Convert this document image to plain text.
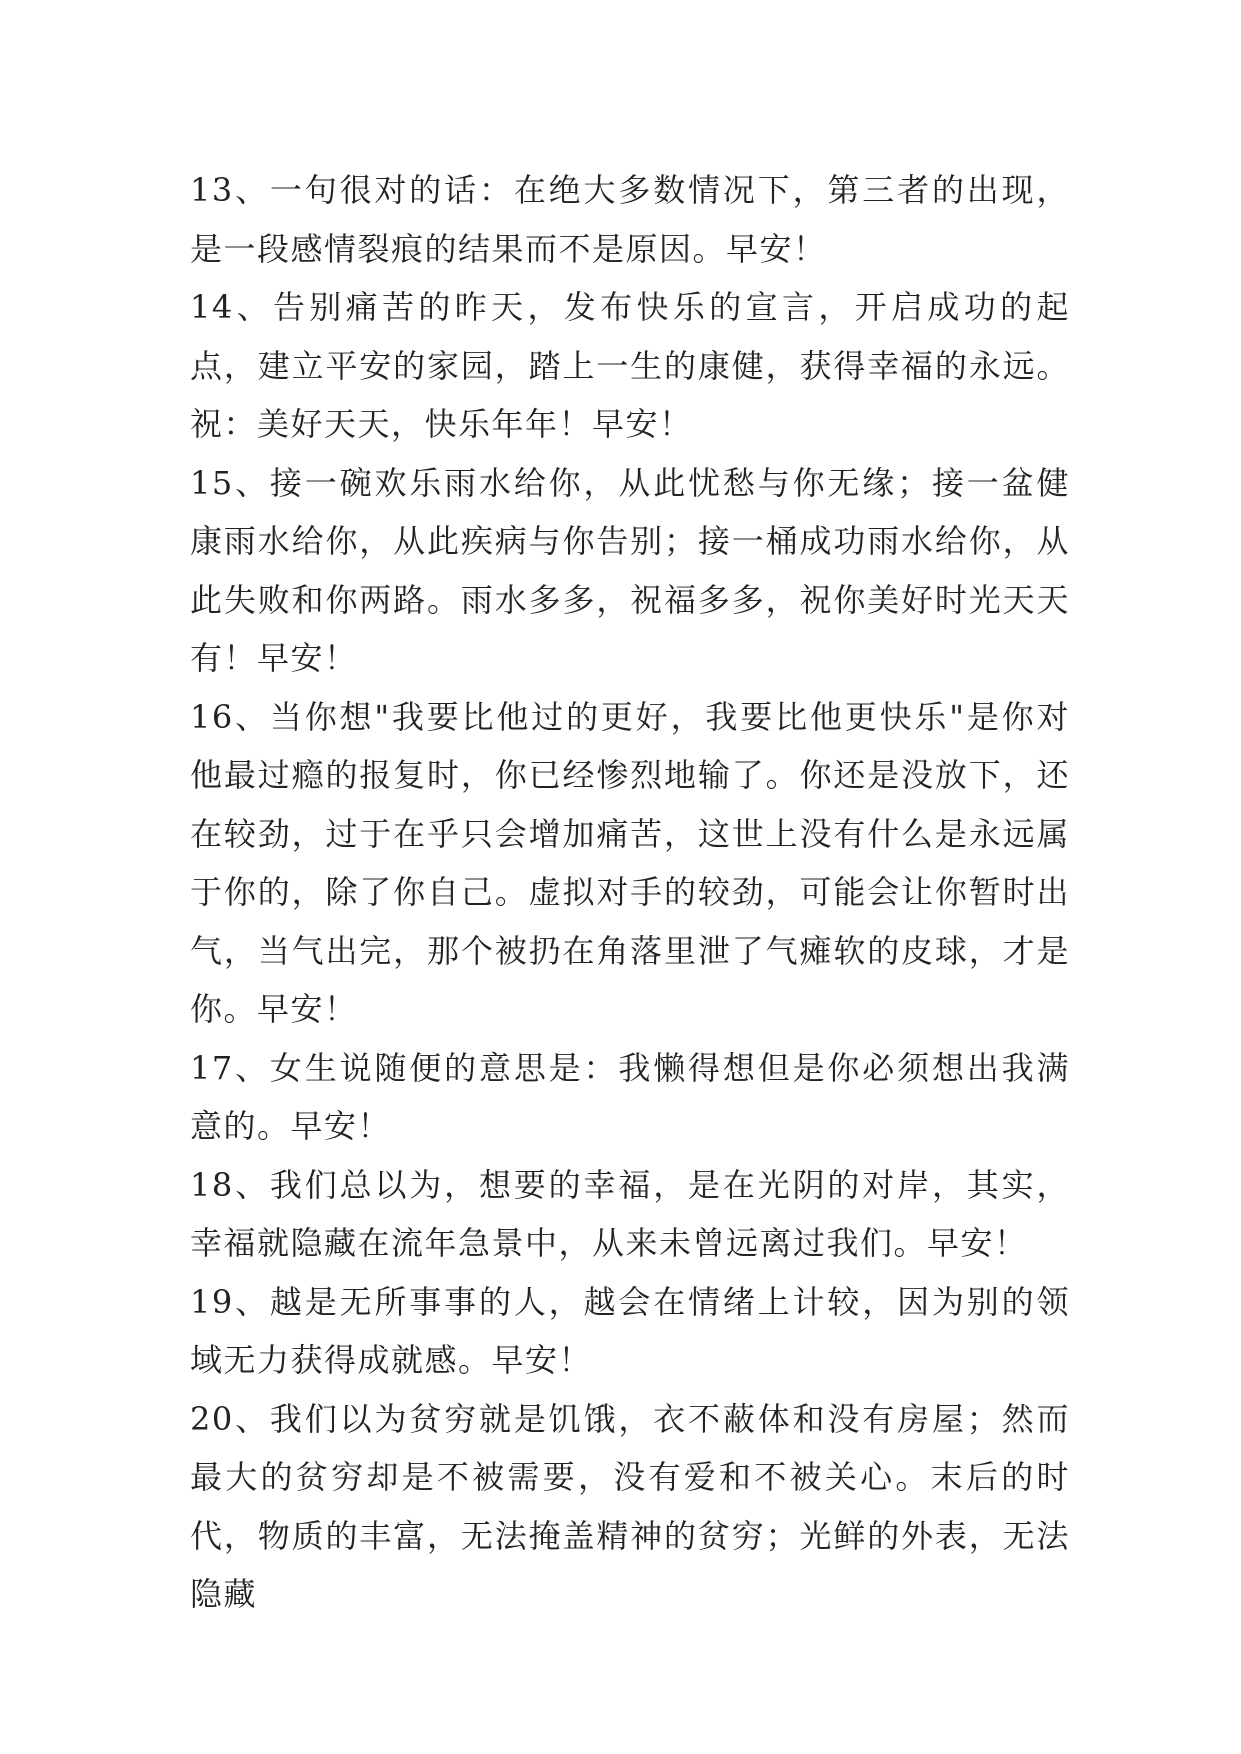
13、一句很对的话：在绝大多数情况下，第三者的出现，是一段感情裂痕的结果而不是原因。早安！

14、告别痛苦的昨天，发布快乐的宣言，开启成功的起点，建立平安的家园，踏上一生的康健，获得幸福的永远。祝：美好天天，快乐年年！早安！

15、接一碗欢乐雨水给你，从此忧愁与你无缘；接一盆健康雨水给你，从此疾病与你告别；接一桶成功雨水给你，从此失败和你两路。雨水多多，祝福多多，祝你美好时光天天有！早安！

16、当你想"我要比他过的更好，我要比他更快乐"是你对他最过瘾的报复时，你已经惨烈地输了。你还是没放下，还在较劲，过于在乎只会增加痛苦，这世上没有什么是永远属于你的，除了你自己。虚拟对手的较劲，可能会让你暂时出气，当气出完，那个被扔在角落里泄了气瘫软的皮球，才是你。早安！

17、女生说随便的意思是：我懒得想但是你必须想出我满意的。早安！

18、我们总以为，想要的幸福，是在光阴的对岸，其实，幸福就隐藏在流年急景中，从来未曾远离过我们。早安！

19、越是无所事事的人，越会在情绪上计较，因为别的领域无力获得成就感。早安！

20、我们以为贫穷就是饥饿，衣不蔽体和没有房屋；然而最大的贫穷却是不被需要，没有爱和不被关心。末后的时代，物质的丰富，无法掩盖精神的贫穷；光鲜的外表，无法隐藏
